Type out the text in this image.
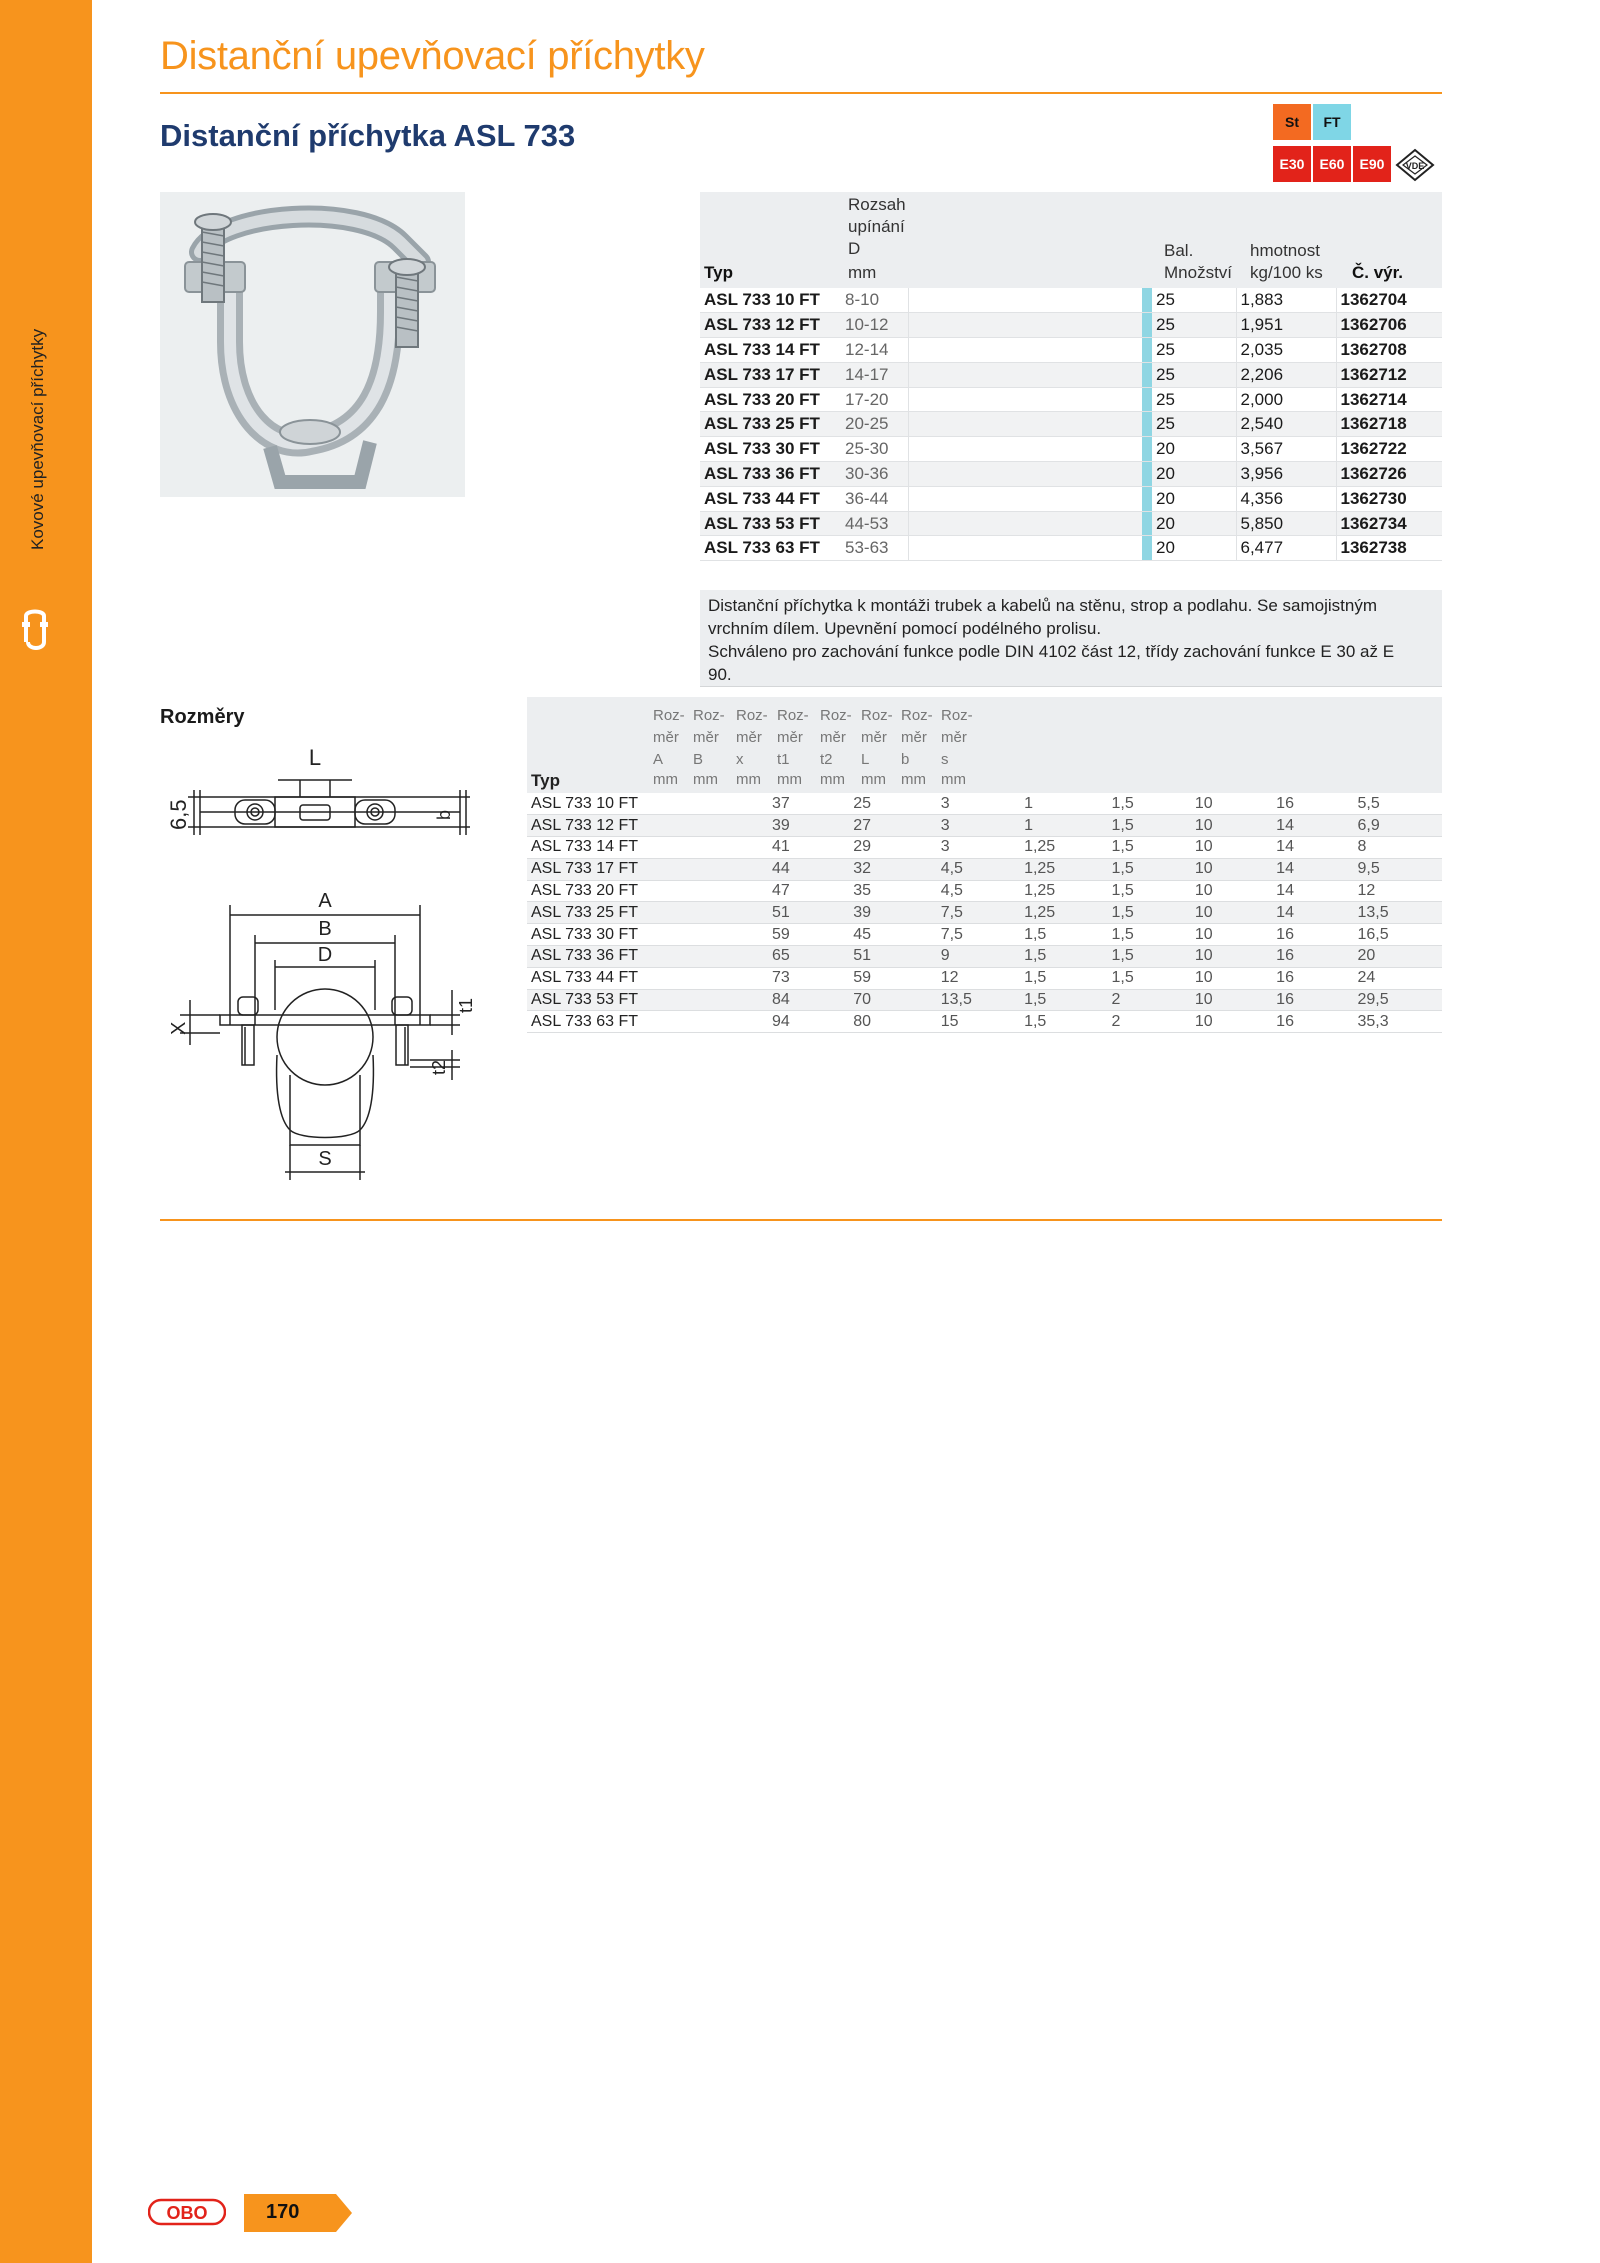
Kovové upevňovací příchytky
Distanční upevňovací příchytky
Distanční příchytka ASL 733	St	FT
E30	E60	E90	VDE
Rozsah
upínání
D
mm
Typ
Bal.
Množství
hmotnost
kg/100 ks Č. výr.
ASL 733 10 FT	8-10			25	1,883	1362704
ASL 733 12 FT	10-12			25	1,951	1362706
ASL 733 14 FT	12-14			25	2,035	1362708
ASL 733 17 FT	14-17			25	2,206	1362712
ASL 733 20 FT	17-20			25	2,000	1362714
ASL 733 25 FT	20-25			25	2,540	1362718
ASL 733 30 FT	25-30			20	3,567	1362722
ASL 733 36 FT	30-36			20	3,956	1362726
ASL 733 44 FT	36-44			20	4,356	1362730
ASL 733 53 FT	44-53			20	5,850	1362734
ASL 733 63 FT	53-63			20	6,477	1362738
Distanční příchytka k montáži trubek a kabelů na stěnu, strop a podlahu. Se samojistným
vrchním dílem. Upevnění pomocí podélného prolisu.
Schváleno pro zachování funkce podle DIN 4102 část 12, třídy zachování funkce E 30 až E
90.
Rozměry
L
b
6,5
A
B
D
X
t1
t2
S
Typ
Roz-
měr
A
mm
Roz-
měr
B
mm
Roz-
měr
x
mm
Roz-
měr
t1
mm
Roz-
měr
t2
mm
Roz-
měr
L
mm
Roz-
měr
b
mm
Roz-
měr
s
mm
ASL 733 10 FT	37	25	3	1	1,5	10	16	5,5
ASL 733 12 FT	39	27	3	1	1,5	10	14	6,9
ASL 733 14 FT	41	29	3	1,25	1,5	10	14	8
ASL 733 17 FT	44	32	4,5	1,25	1,5	10	14	9,5
ASL 733 20 FT	47	35	4,5	1,25	1,5	10	14	12
ASL 733 25 FT	51	39	7,5	1,25	1,5	10	14	13,5
ASL 733 30 FT	59	45	7,5	1,5	1,5	10	16	16,5
ASL 733 36 FT	65	51	9	1,5	1,5	10	16	20
ASL 733 44 FT	73	59	12	1,5	1,5	10	16	24
ASL 733 53 FT	84	70	13,5	1,5	2	10	16	29,5
ASL 733 63 FT	94	80	15	1,5	2	10	16	35,3
OBO	170
